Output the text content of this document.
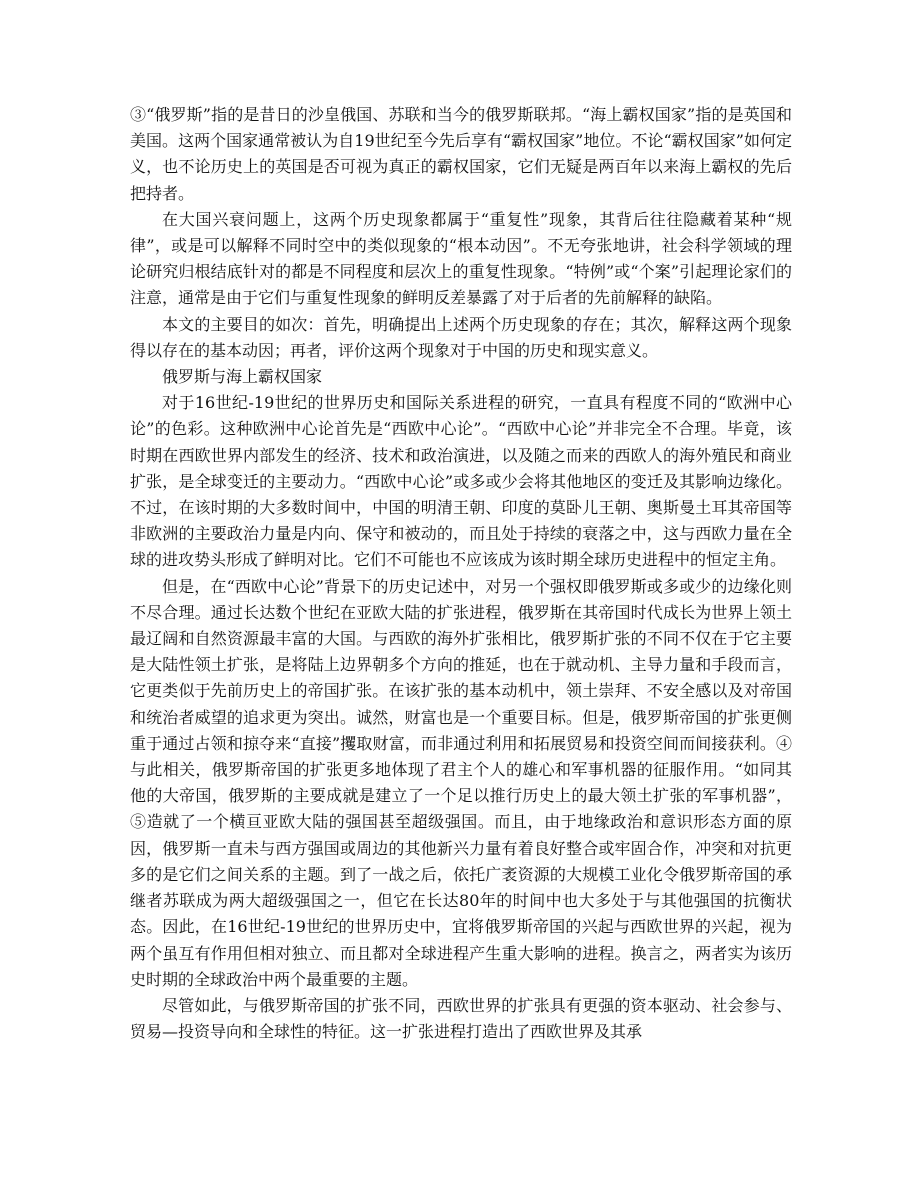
③“俄罗斯”指的是昔日的沙皇俄国、苏联和当今的俄罗斯联邦。“海上霸权国家”指的是英国和美国。这两个国家通常被认为自19世纪至今先后享有“霸权国家”地位。不论“霸权国家”如何定义，也不论历史上的英国是否可视为真正的霸权国家，它们无疑是两百年以来海上霸权的先后把持者。

在大国兴衰问题上，这两个历史现象都属于“重复性”现象，其背后往往隐藏着某种“规律”，或是可以解释不同时空中的类似现象的“根本动因”。不无夸张地讲，社会科学领域的理论研究归根结底针对的都是不同程度和层次上的重复性现象。“特例”或“个案”引起理论家们的注意，通常是由于它们与重复性现象的鲜明反差暴露了对于后者的先前解释的缺陷。

本文的主要目的如次：首先，明确提出上述两个历史现象的存在；其次，解释这两个现象得以存在的基本动因；再者，评价这两个现象对于中国的历史和现实意义。

俄罗斯与海上霸权国家

对于16世纪-19世纪的世界历史和国际关系进程的研究，一直具有程度不同的“欧洲中心论”的色彩。这种欧洲中心论首先是“西欧中心论”。“西欧中心论”并非完全不合理。毕竟，该时期在西欧世界内部发生的经济、技术和政治演进，以及随之而来的西欧人的海外殖民和商业扩张，是全球变迁的主要动力。“西欧中心论”或多或少会将其他地区的变迁及其影响边缘化。不过，在该时期的大多数时间中，中国的明清王朝、印度的莫卧儿王朝、奥斯曼土耳其帝国等非欧洲的主要政治力量是内向、保守和被动的，而且处于持续的衰落之中，这与西欧力量在全球的进攻势头形成了鲜明对比。它们不可能也不应该成为该时期全球历史进程中的恒定主角。

但是，在“西欧中心论”背景下的历史记述中，对另一个强权即俄罗斯或多或少的边缘化则不尽合理。通过长达数个世纪在亚欧大陆的扩张进程，俄罗斯在其帝国时代成长为世界上领土最辽阔和自然资源最丰富的大国。与西欧的海外扩张相比，俄罗斯扩张的不同不仅在于它主要是大陆性领土扩张，是将陆上边界朝多个方向的推延，也在于就动机、主导力量和手段而言，它更类似于先前历史上的帝国扩张。在该扩张的基本动机中，领土崇拜、不安全感以及对帝国和统治者威望的追求更为突出。诚然，财富也是一个重要目标。但是，俄罗斯帝国的扩张更侧重于通过占领和掠夺来“直接”攫取财富，而非通过利用和拓展贸易和投资空间而间接获利。④与此相关，俄罗斯帝国的扩张更多地体现了君主个人的雄心和军事机器的征服作用。“如同其他的大帝国，俄罗斯的主要成就是建立了一个足以推行历史上的最大领土扩张的军事机器”，⑤造就了一个横亘亚欧大陆的强国甚至超级强国。而且，由于地缘政治和意识形态方面的原因，俄罗斯一直未与西方强国或周边的其他新兴力量有着良好整合或牢固合作，冲突和对抗更多的是它们之间关系的主题。到了一战之后，依托广袤资源的大规模工业化令俄罗斯帝国的承继者苏联成为两大超级强国之一，但它在长达80年的时间中也大多处于与其他强国的抗衡状态。因此，在16世纪-19世纪的世界历史中，宜将俄罗斯帝国的兴起与西欧世界的兴起，视为两个虽互有作用但相对独立、而且都对全球进程产生重大影响的进程。换言之，两者实为该历史时期的全球政治中两个最重要的主题。

尽管如此，与俄罗斯帝国的扩张不同，西欧世界的扩张具有更强的资本驱动、社会参与、贸易—投资导向和全球性的特征。这一扩张进程打造出了西欧世界及其承
